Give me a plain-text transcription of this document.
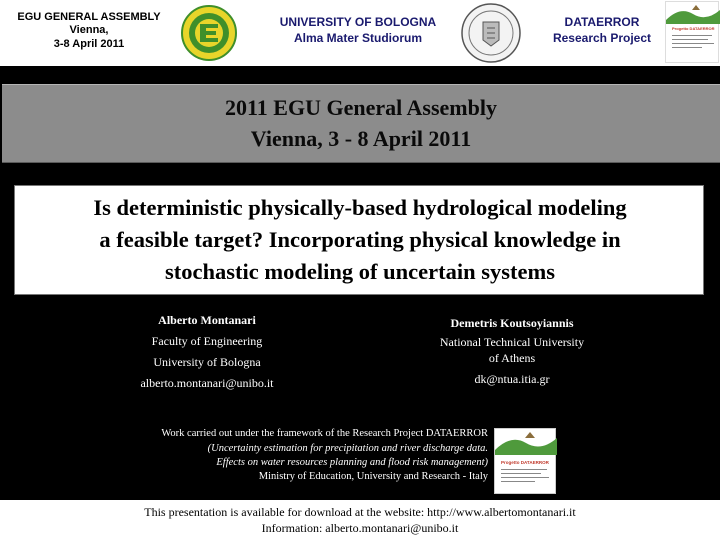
EGU GENERAL ASSEMBLY
Vienna,
3-8 April 2011
UNIVERSITY OF BOLOGNA
Alma Mater Studiorum
DATAERROR
Research Project
Progetto DATAERROR
2011 EGU General Assembly
Vienna, 3 - 8 April 2011
Is deterministic physically-based hydrological modeling
a feasible target? Incorporating physical knowledge in
stochastic modeling of uncertain systems
Alberto Montanari
Faculty of Engineering
University of Bologna
alberto.montanari@unibo.it
Demetris Koutsoyiannis
National Technical University
of Athens
dk@ntua.itia.gr
Work carried out under the framework of the Research Project DATAERROR
(Uncertainty estimation for precipitation and river discharge data.
Effects on water resources planning and flood risk management)
Ministry of Education, University and Research - Italy
Progetto DATAERROR
This presentation is available for download at the website: http://www.albertomontanari.it
Information: alberto.montanari@unibo.it
